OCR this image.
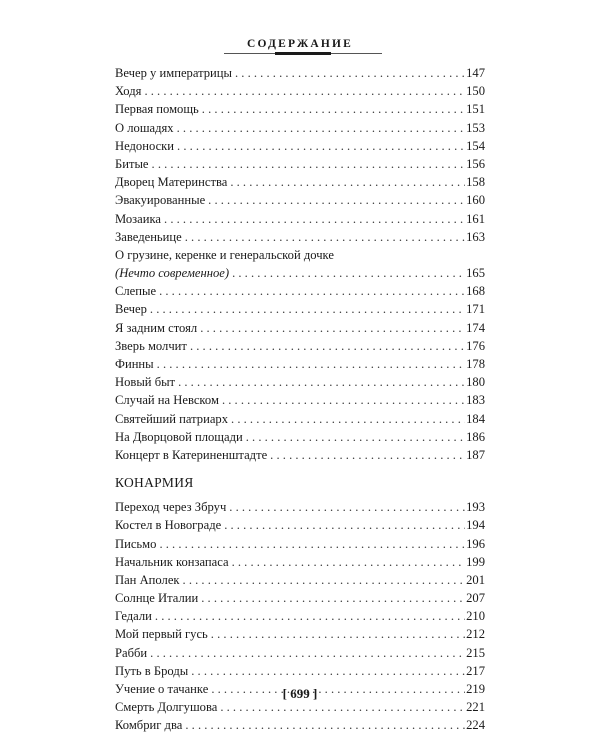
СОДЕРЖАНИЕ
Вечер у императрицы . . .	147
Ходя . . .	150
Первая помощь . . .	151
О лошадях . . .	153
Недоноски . . .	154
Битые . . .	156
Дворец Материнства . . .	158
Эвакуированные . . .	160
Мозаика . . .	161
Заведеньице . . .	163
О грузине, керенке и генеральской дочке
(Нечто современное) . . .	165
Слепые . . .	168
Вечер . . .	171
Я задним стоял . . .	174
Зверь молчит . . .	176
Финны . . .	178
Новый быт . . .	180
Случай на Невском . . .	183
Святейший патриарх . . .	184
На Дворцовой площади . . .	186
Концерт в Катериненштадте . . .	187
КОНАРМИЯ
Переход через Збруч . . .	193
Костел в Новограде . . .	194
Письмо . . .	196
Начальник конзапаса . . .	199
Пан Аполек . . .	201
Солнце Италии . . .	207
Гедали . . .	210
Мой первый гусь . . .	212
Рабби . . .	215
Путь в Броды . . .	217
Учение о тачанке . . .	219
Смерть Долгушова . . .	221
Комбриг два . . .	224
[ 699 ]
